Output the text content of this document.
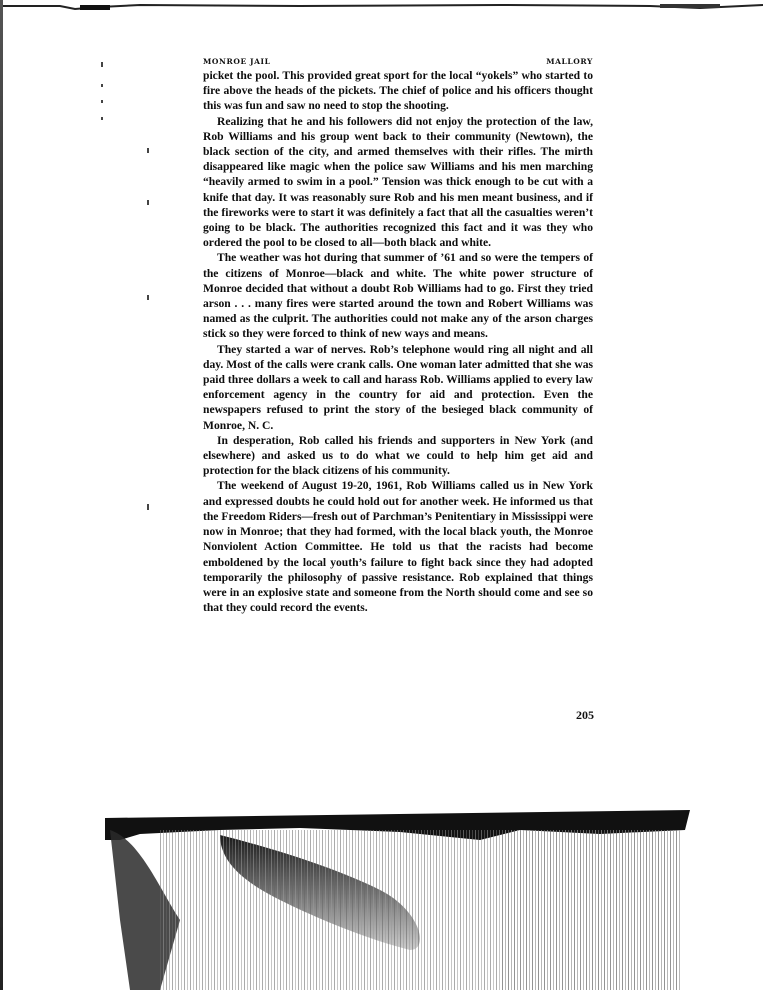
MONROE JAIL	MALLORY

picket the pool. This provided great sport for the local “yokels” who started to fire above the heads of the pickets. The chief of police and his officers thought this was fun and saw no need to stop the shooting.

Realizing that he and his followers did not enjoy the protection of the law, Rob Williams and his group went back to their community (Newtown), the black section of the city, and armed themselves with their rifles. The mirth disappeared like magic when the police saw Williams and his men marching “heavily armed to swim in a pool.” Tension was thick enough to be cut with a knife that day. It was reasonably sure Rob and his men meant business, and if the fireworks were to start it was definitely a fact that all the casualties weren’t going to be black. The authorities recognized this fact and it was they who ordered the pool to be closed to all—both black and white.

The weather was hot during that summer of ’61 and so were the tempers of the citizens of Monroe—black and white. The white power structure of Monroe decided that without a doubt Rob Williams had to go. First they tried arson . . . many fires were started around the town and Robert Williams was named as the culprit. The authorities could not make any of the arson charges stick so they were forced to think of new ways and means.

They started a war of nerves. Rob’s telephone would ring all night and all day. Most of the calls were crank calls. One woman later admitted that she was paid three dollars a week to call and harass Rob. Williams applied to every law enforcement agency in the country for aid and protection. Even the newspapers refused to print the story of the besieged black community of Monroe, N. C.

In desperation, Rob called his friends and supporters in New York (and elsewhere) and asked us to do what we could to help him get aid and protection for the black citizens of his community.

The weekend of August 19-20, 1961, Rob Williams called us in New York and expressed doubts he could hold out for another week. He informed us that the Freedom Riders—fresh out of Parchman’s Penitentiary in Mississippi were now in Monroe; that they had formed, with the local black youth, the Monroe Nonviolent Action Committee. He told us that the racists had become emboldened by the local youth’s failure to fight back since they had adopted temporarily the philosophy of passive resistance. Rob explained that things were in an explosive state and someone from the North should come and see so that they could record the events.

205
